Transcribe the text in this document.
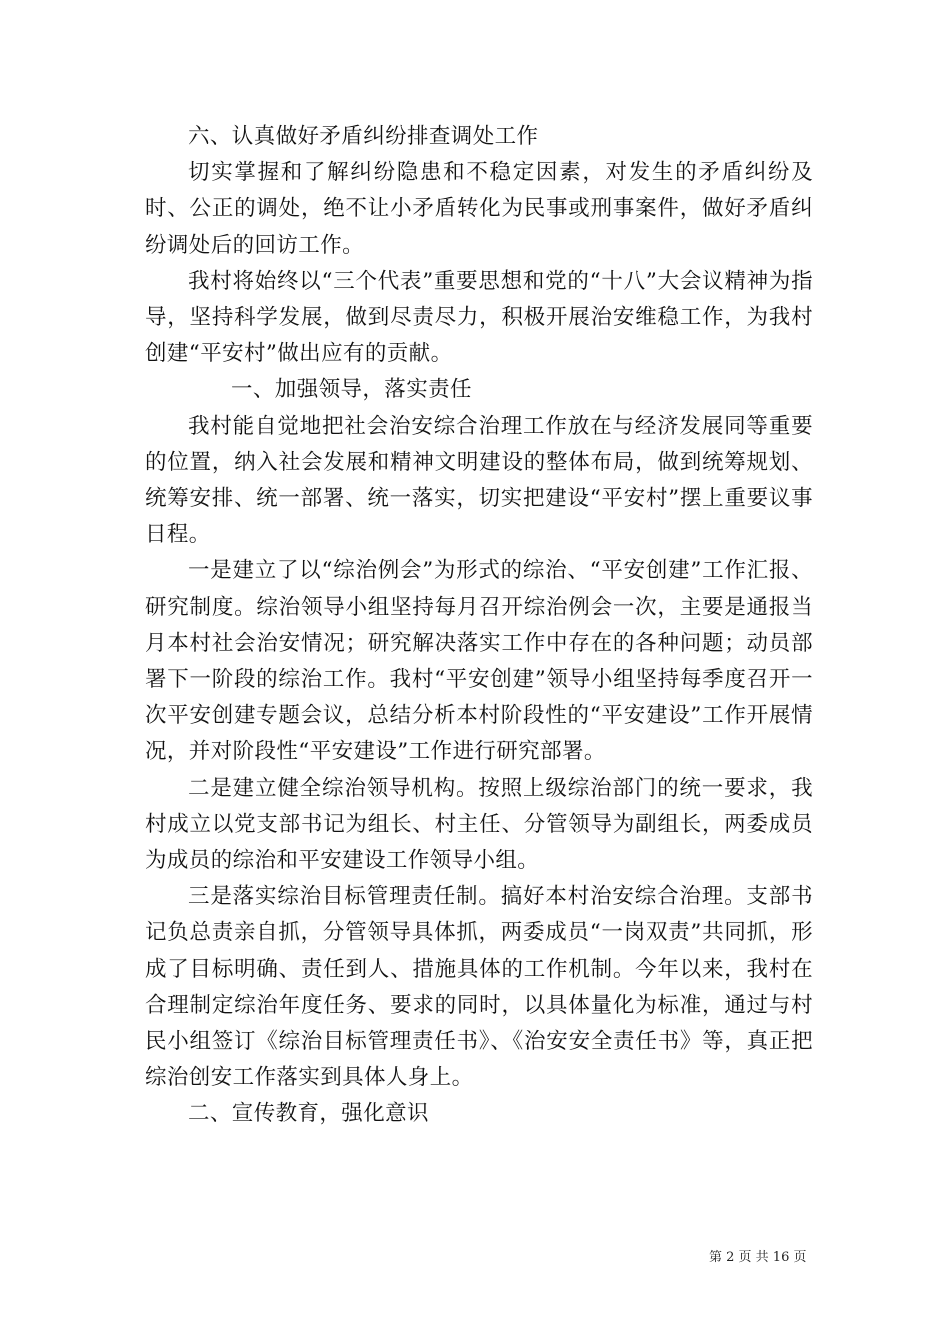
六、认真做好矛盾纠纷排查调处工作

切实掌握和了解纠纷隐患和不稳定因素，对发生的矛盾纠纷及时、公正的调处，绝不让小矛盾转化为民事或刑事案件，做好矛盾纠纷调处后的回访工作。

我村将始终以“三个代表”重要思想和党的“十八”大会议精神为指导，坚持科学发展，做到尽责尽力，积极开展治安维稳工作，为我村创建“平安村”做出应有的贡献。

一、加强领导，落实责任

我村能自觉地把社会治安综合治理工作放在与经济发展同等重要的位置，纳入社会发展和精神文明建设的整体布局，做到统筹规划、统筹安排、统一部署、统一落实，切实把建设“平安村”摆上重要议事日程。

一是建立了以“综治例会”为形式的综治、“平安创建”工作汇报、研究制度。综治领导小组坚持每月召开综治例会一次，主要是通报当月本村社会治安情况；研究解决落实工作中存在的各种问题；动员部署下一阶段的综治工作。我村“平安创建”领导小组坚持每季度召开一次平安创建专题会议，总结分析本村阶段性的“平安建设”工作开展情况，并对阶段性“平安建设”工作进行研究部署。

二是建立健全综治领导机构。按照上级综治部门的统一要求，我村成立以党支部书记为组长、村主任、分管领导为副组长，两委成员为成员的综治和平安建设工作领导小组。

三是落实综治目标管理责任制。搞好本村治安综合治理。支部书记负总责亲自抓，分管领导具体抓，两委成员“一岗双责”共同抓，形成了目标明确、责任到人、措施具体的工作机制。今年以来，我村在合理制定综治年度任务、要求的同时，以具体量化为标准，通过与村民小组签订《综治目标管理责任书》、《治安安全责任书》等，真正把综治创安工作落实到具体人身上。

二、宣传教育，强化意识

第 2 页 共 16 页
